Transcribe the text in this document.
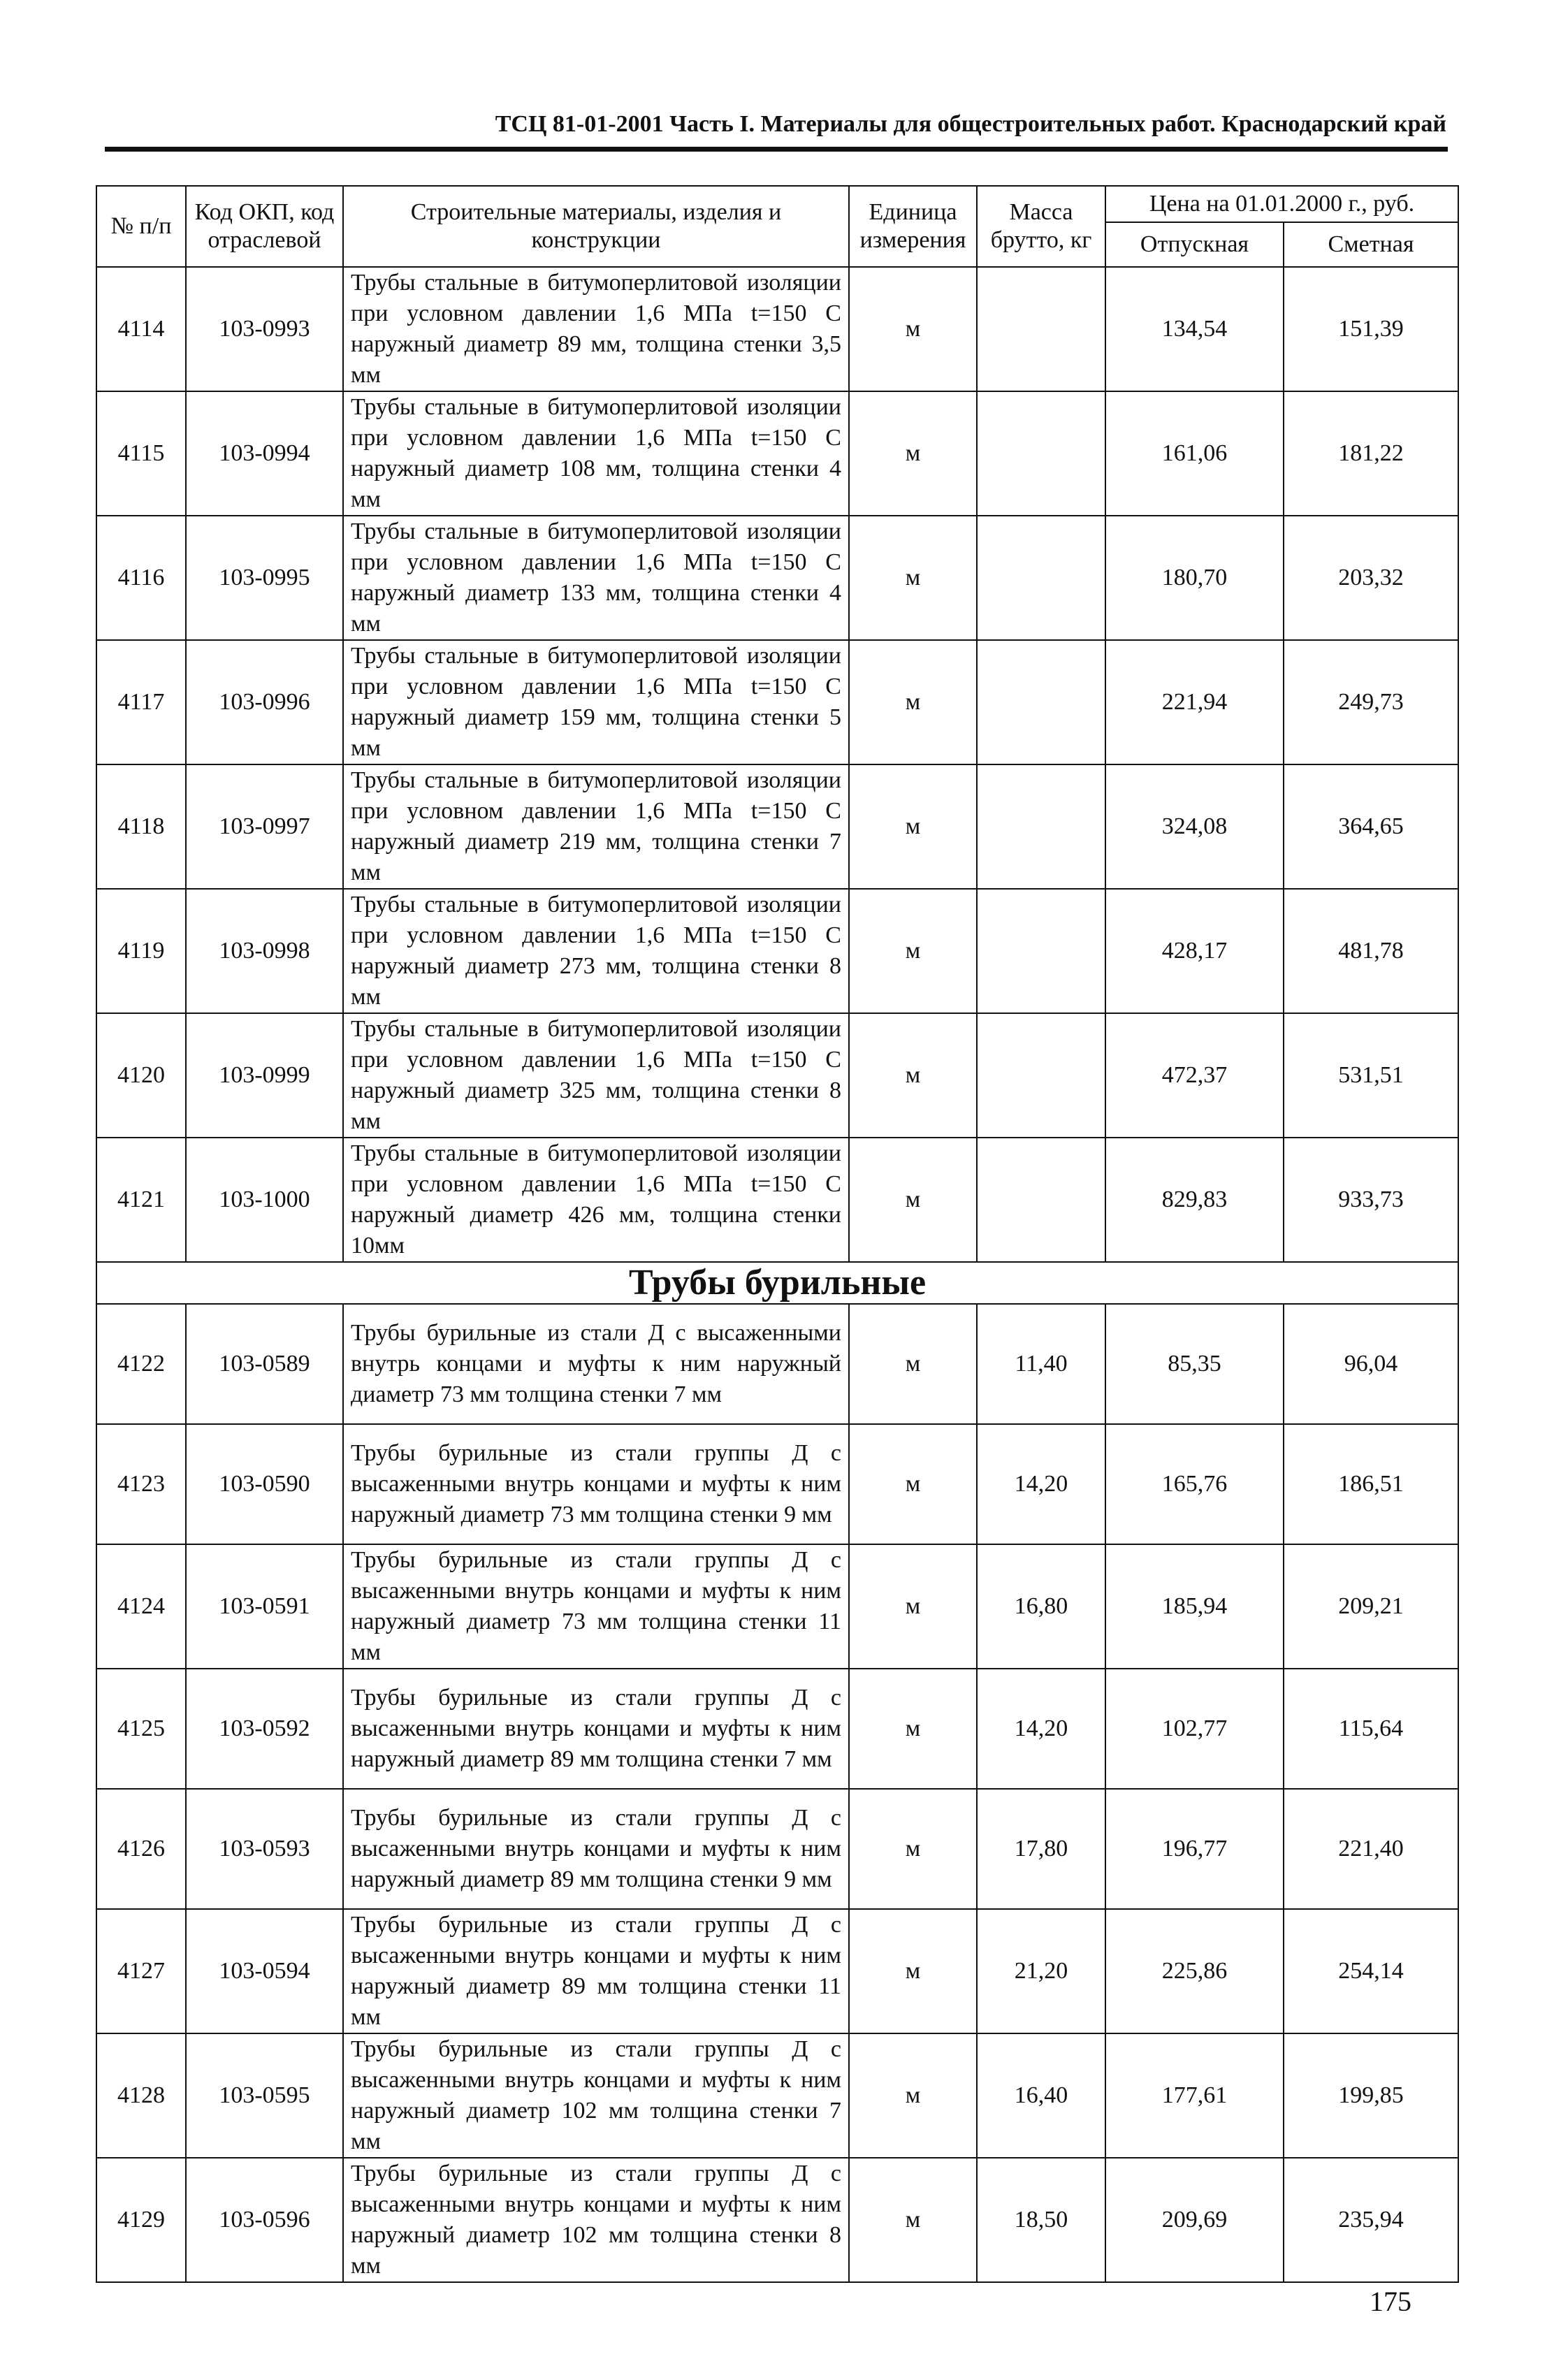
ТСЦ 81-01-2001 Часть I. Материалы для общестроительных работ. Краснодарский край
№ п/п	Код ОКП, код отраслевой	Строительные материалы, изделия и конструкции	Единица измерения	Масса брутто, кг	Цена на 01.01.2000 г., руб.	
					Отпускная	Сметная
4114	103-0993	Трубы стальные в битумоперлитовой изоляции при условном давлении 1,6 МПа t=150 С наружный диаметр 89 мм, толщина стенки 3,5 мм	м		134,54	151,39
4115	103-0994	Трубы стальные в битумоперлитовой изоляции при условном давлении 1,6 МПа t=150 С наружный диаметр 108 мм, толщина стенки 4 мм	м		161,06	181,22
4116	103-0995	Трубы стальные в битумоперлитовой изоляции при условном давлении 1,6 МПа t=150 С наружный диаметр 133 мм, толщина стенки 4 мм	м		180,70	203,32
4117	103-0996	Трубы стальные в битумоперлитовой изоляции при условном давлении 1,6 МПа t=150 С наружный диаметр 159 мм, толщина стенки 5 мм	м		221,94	249,73
4118	103-0997	Трубы стальные в битумоперлитовой изоляции при условном давлении 1,6 МПа t=150 С наружный диаметр 219 мм, толщина стенки 7 мм	м		324,08	364,65
4119	103-0998	Трубы стальные в битумоперлитовой изоляции при условном давлении 1,6 МПа t=150 С наружный диаметр 273 мм, толщина стенки 8 мм	м		428,17	481,78
4120	103-0999	Трубы стальные в битумоперлитовой изоляции при условном давлении 1,6 МПа t=150 С наружный диаметр 325 мм, толщина стенки 8 мм	м		472,37	531,51
4121	103-1000	Трубы стальные в битумоперлитовой изоляции при условном давлении 1,6 МПа t=150 С наружный диаметр 426 мм, толщина стенки 10мм	м		829,83	933,73
Трубы бурильные						
4122	103-0589	Трубы бурильные из стали Д с высаженными внутрь концами и муфты к ним наружный диаметр 73 мм толщина стенки 7 мм	м	11,40	85,35	96,04
4123	103-0590	Трубы бурильные из стали группы Д с высаженными внутрь концами и муфты к ним наружный диаметр 73 мм толщина стенки 9 мм	м	14,20	165,76	186,51
4124	103-0591	Трубы бурильные из стали группы Д с высаженными внутрь концами и муфты к ним наружный диаметр 73 мм толщина стенки 11 мм	м	16,80	185,94	209,21
4125	103-0592	Трубы бурильные из стали группы Д с высаженными внутрь концами и муфты к ним наружный диаметр 89 мм толщина стенки 7 мм	м	14,20	102,77	115,64
4126	103-0593	Трубы бурильные из стали группы Д с высаженными внутрь концами и муфты к ним наружный диаметр 89 мм толщина стенки 9 мм	м	17,80	196,77	221,40
4127	103-0594	Трубы бурильные из стали группы Д с высаженными внутрь концами и муфты к ним наружный диаметр 89 мм толщина стенки 11 мм	м	21,20	225,86	254,14
4128	103-0595	Трубы бурильные из стали группы Д с высаженными внутрь концами и муфты к ним наружный диаметр 102 мм толщина стенки 7 мм	м	16,40	177,61	199,85
4129	103-0596	Трубы бурильные из стали группы Д с высаженными внутрь концами и муфты к ним наружный диаметр 102 мм толщина стенки 8 мм	м	18,50	209,69	235,94
175
